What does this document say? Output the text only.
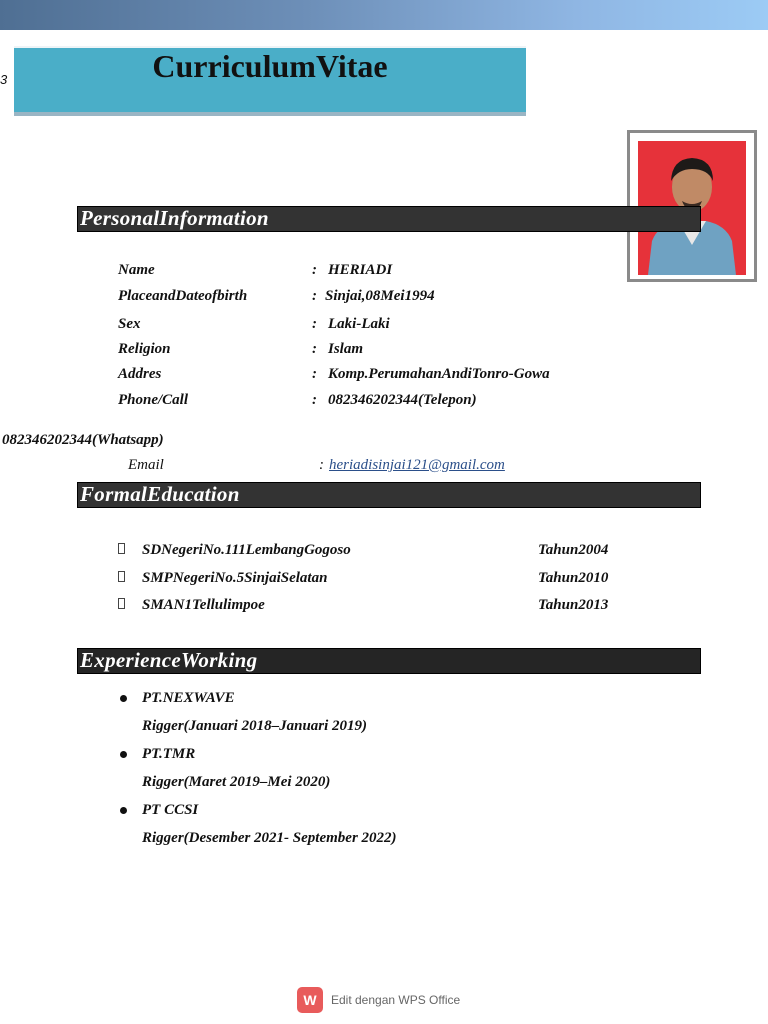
3	CurriculumVitae
PersonalInformation
Name	: HERIADI
PlaceandDateofbirth	: Sinjai,08Mei1994
Sex	: Laki-Laki
Religion	: Islam
Addres	: Komp.PerumahanAndiTonro-Gowa
Phone/Call	: 082346202344(Telepon)
082346202344(Whatsapp)
Email	: heriadisinjai121@gmail.com
FormalEducation
SDNegeriNo.111LembangGogoso	Tahun2004
SMPNegeriNo.5SinjaiSelatan	Tahun2010
SMAN1Tellulimpoe	Tahun2013
ExperienceWorking
PT.NEXWAVE
Rigger(Januari 2018–Januari 2019)
PT.TMR
Rigger(Maret 2019–Mei 2020)
PT CCSI
Rigger(Desember 2021- September 2022)
W	Edit dengan WPS Office
